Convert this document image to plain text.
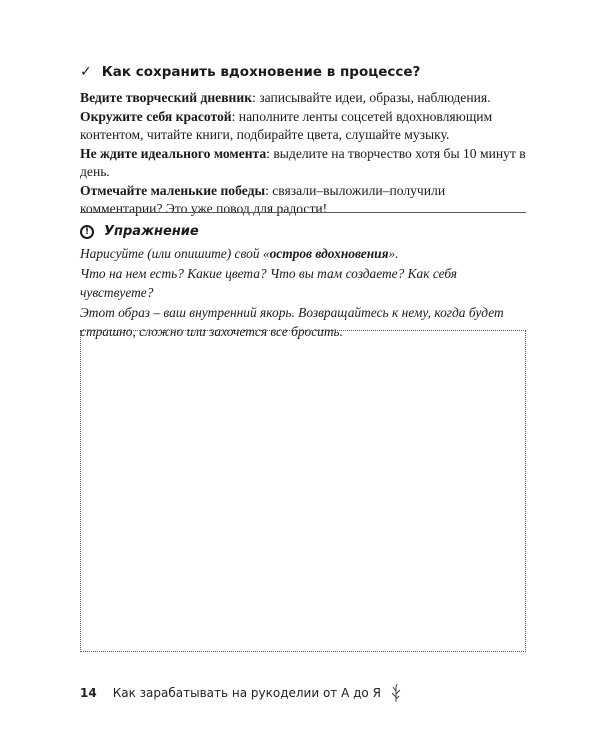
✓ Как сохранить вдохновение в процессе?

Ведите творческий дневник: записывайте идеи, образы, наблюдения.

Окружите себя красотой: наполните ленты соцсетей вдохновляющим контентом, читайте книги, подбирайте цвета, слушайте музыку.

Не ждите идеального момента: выделите на творчество хотя бы 10 минут в день.

Отмечайте маленькие победы: связали–выложили–получили комментарии? Это уже повод для радости!

!	Упражнение

Нарисуйте (или опишите) свой «остров вдохновения».

Что на нем есть? Какие цвета? Что вы там создаете? Как себя чувствуете?

Этот образ – ваш внутренний якорь. Возвращайтесь к нему, когда будет страшно, сложно или захочется все бросить.

14 Как зарабатывать на рукоделии от А до Я
